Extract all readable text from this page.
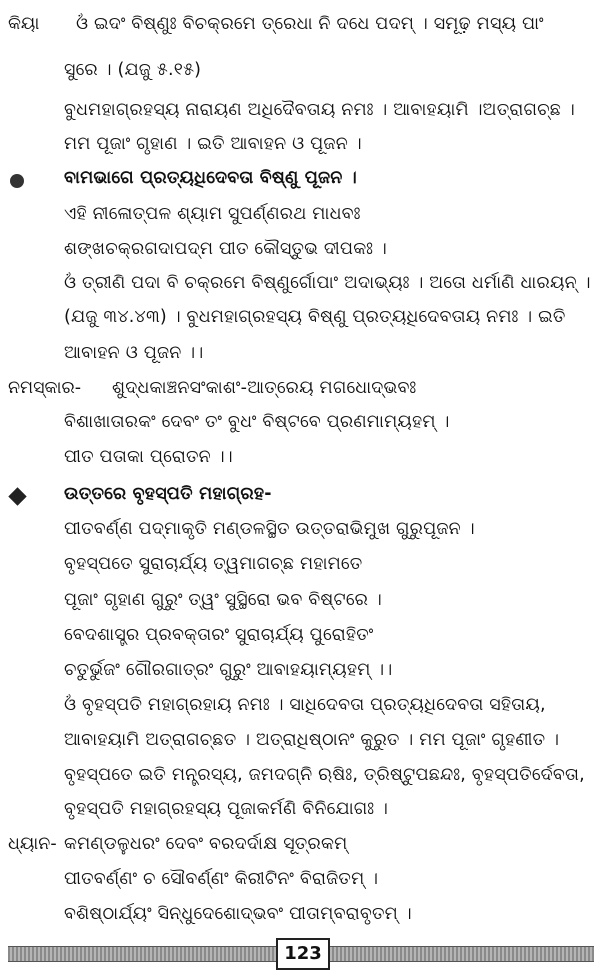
କିୟା ଓଁ ଇଦଂ ବିଷ୍ଣୁଃ ବିଚକ୍ରମେ ତ୍ରେଧା ନି ଦଧେ ପଦମ୍ । ସମୂଢ଼ ମସ୍ୟ ପାଂ
ସୁରେ । (ଯଜୁ ୫.୧୫)
ବୁଧମହାଗ୍ରହସ୍ୟ ନାରାୟଣ ଅଧିଦୈବତାୟ ନମଃ । ଆବାହୟାମି ।ଅତ୍ରାଗଚ୍ଛ ।
ମମ ପୂଜାଂ ଗୃହାଣ । ଇତି ଆବାହନ ଓ ପୂଜନ ।
ବାମଭାଗେ ପ୍ରତ୍ୟଧିଦେବତା ବିଷ୍ଣୁ ପୂଜନ ।
ଏହି ନୀଳୋତ୍ପଳ ଶ୍ୟାମ ସୁପର୍ଣ୍ଣରଥ ମାଧବଃ
ଶଙ୍ଖଚକ୍ରଗଦାପଦ୍ମ ପୀତ କୌସ୍ତୁଭ ଦୀପକଃ ।
ଓଁ ତ୍ରୀଣି ପଦା ବି ଚକ୍ରମେ ବିଷ୍ଣୁର୍ଗୋପାଂ ଅଦାଭ୍ୟଃ । ଅତୋ ଧର୍ମାଣି ଧାରୟନ୍ ।
(ଯଜୁ ୩୪.୪୩) । ବୁଧମହାଗ୍ରହସ୍ୟ ବିଷ୍ଣୁ ପ୍ରତ୍ୟଧିଦେବତାୟ ନମଃ । ଇତି
ଆବାହନ ଓ ପୂଜନ ।।
ନମସ୍କାର- ଶୁଦ୍ଧକାଞ୍ଚନସଂକାଶଂ-ଆତ୍ରେୟ ମଗଧୋଦ୍ଭବଃ
ବିଶାଖାତାରକଂ ଦେବଂ ତଂ ବୁଧଂ ବିଷ୍ଟବେ ପ୍ରଣମାମ୍ୟହମ୍ ।
ପୀତ ପତାକା ପ୍ରୋତନ ।।
ଉତ୍ତରେ ବୃହସ୍ପତି ମହାଗ୍ରହ-
ପୀତବର୍ଣ୍ଣ ପଦ୍ମାକୃତି ମଣ୍ଡଳସ୍ଥିତ ଉତ୍ତରାଭିମୁଖ ଗୁରୁପୂଜନ ।
ବୃହସ୍ପତେ ସୁରାଚାର୍ଯ୍ୟ ତ୍ୱମାଗଚ୍ଛ ମହାମତେ
ପୂଜାଂ ଗୃହାଣ ଗୁରୁଂ ତ୍ୱଂ ସୁସ୍ଥିରୋ ଭବ ବିଷ୍ଟରେ ।
ବେଦଶାସ୍ତ୍ର ପ୍ରବକ୍ତାରଂ ସୁରାଚାର୍ଯ୍ୟ ପୁରୋହିତଂ
ଚତୁର୍ଭୁଜଂ ଗୌରଗାତ୍ରଂ ଗୁରୁଂ ଆବାହୟାମ୍ୟହମ୍ ।।
ଓଁ ବୃହସ୍ପତି ମହାଗ୍ରହାୟ ନମଃ । ସାଧିଦେବତା ପ୍ରତ୍ୟଧିଦେବତା ସହିତାୟ,
ଆବାହୟାମି ଅତ୍ରାଗଚ୍ଛତ । ଅତ୍ରାଧିଷ୍ଠାନଂ କୁରୁତ । ମମ ପୂଜାଂ ଗୃହଣୀତ ।
ବୃହସ୍ପତେ ଇତି ମନ୍ତ୍ରସ୍ୟ, ଜମଦଗ୍ନି ଋଷିଃ, ତ୍ରିଷ୍ଟୁପଛନ୍ଦଃ, ବୃହସ୍ପତିର୍ଦେବତା,
ବୃହସ୍ପତି ମହାଗ୍ରହସ୍ୟ ପୂଜାକର୍ମଣି ବିନିଯୋଗଃ ।
ଧ୍ୟାନ- କମଣ୍ଡଳୁଧରଂ ଦେବଂ ବରଦର୍ଦାକ୍ଷ ସୂତ୍ରକମ୍
ପୀତବର୍ଣ୍ଣଂ ଚ ସୌବର୍ଣ୍ଣଂ କିରୀଟିନଂ ବିରାଜିତମ୍ ।
ବଶିଷ୍ଠାର୍ଯ୍ୟଂ ସିନ୍ଧୁଦେଶୋଦ୍ଭବଂ ପୀତାମ୍ବରାବୃତମ୍ ।
123
